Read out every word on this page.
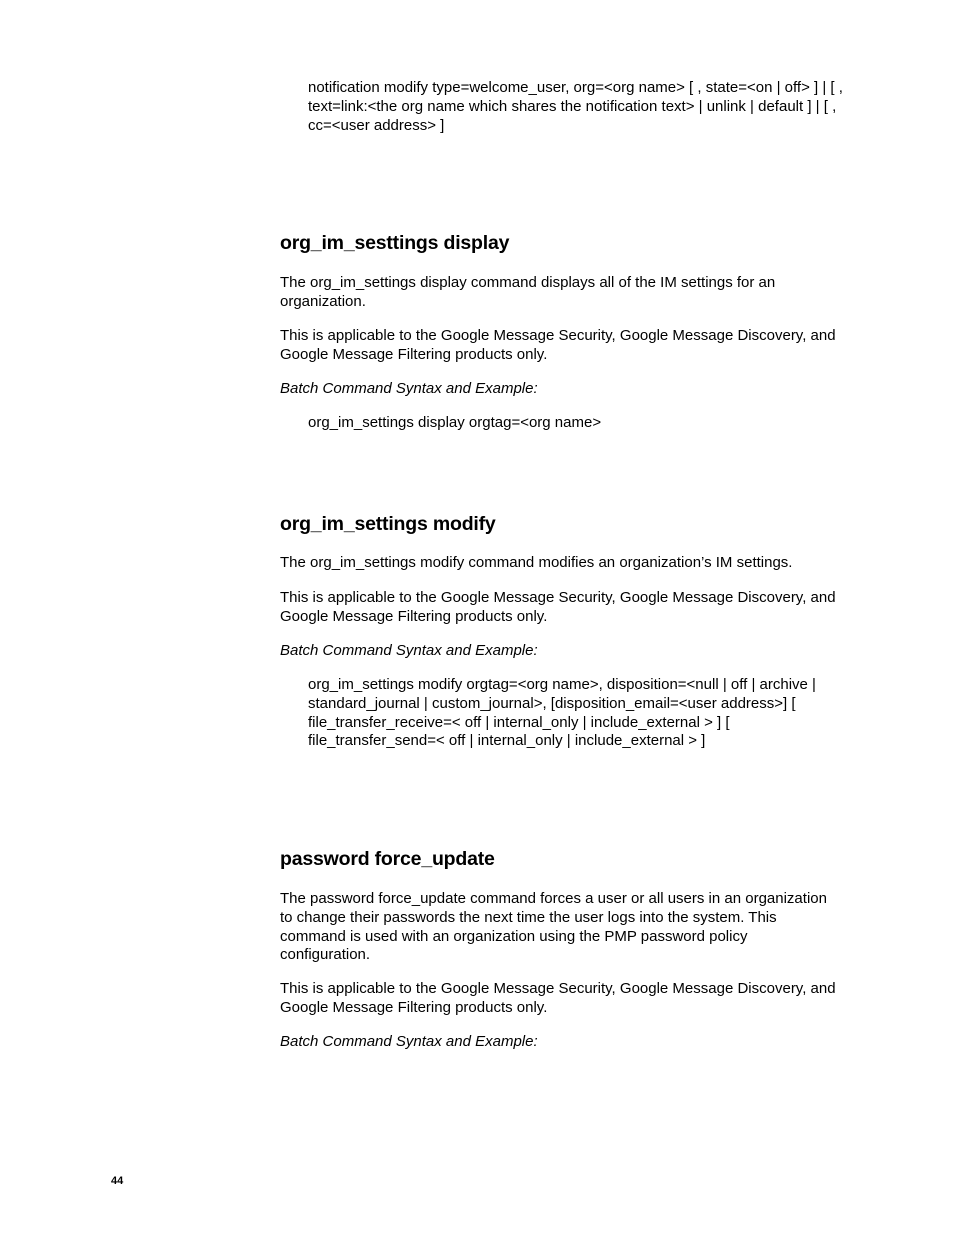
notification modify type=welcome_user, org=<org name> [ , state=<on | off> ] | [ , text=link:<the org name which shares the notification text> | unlink | default ] | [ , cc=<user address> ]

org_im_sesttings display

The org_im_settings display command displays all of the IM settings for an organization.

This is applicable to the Google Message Security, Google Message Discovery, and Google Message Filtering products only.

Batch Command Syntax and Example:

org_im_settings display orgtag=<org name>

org_im_settings modify

The org_im_settings modify command modifies an organization’s IM settings.

This is applicable to the Google Message Security, Google Message Discovery, and Google Message Filtering products only.

Batch Command Syntax and Example:

org_im_settings modify orgtag=<org name>, disposition=<null | off | archive | standard_journal | custom_journal>, [disposition_email=<user address>] [ file_transfer_receive=< off | internal_only | include_external > ] [ file_transfer_send=< off | internal_only | include_external > ]

password force_update

The password force_update command forces a user or all users in an organization to change their passwords the next time the user logs into the system. This command is used with an organization using the PMP password policy configuration.

This is applicable to the Google Message Security, Google Message Discovery, and Google Message Filtering products only.

Batch Command Syntax and Example:

44
